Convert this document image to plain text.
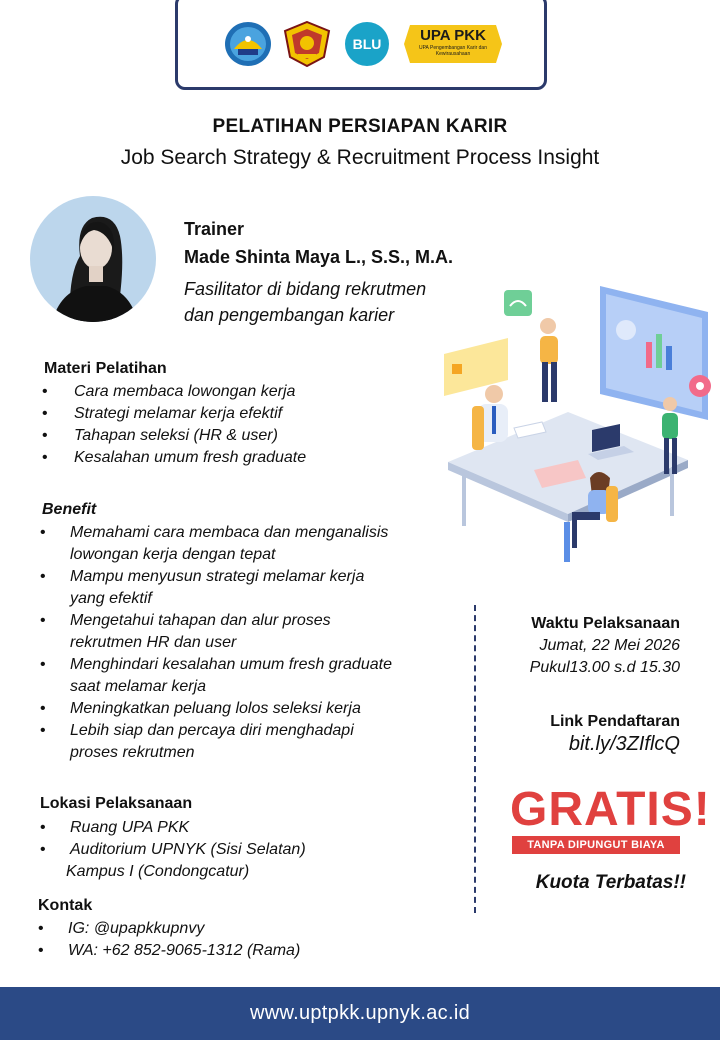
BLU	UPA PKK
UPA Pengembangan Karir dan Kewirausahaan
PELATIHAN PERSIAPAN KARIR
Job Search Strategy & Recruitment Process Insight
Trainer
Made Shinta Maya L., S.S., M.A.
Fasilitator di bidang rekrutmen
dan pengembangan karier
Materi Pelatihan
• Cara membaca lowongan kerja
• Strategi melamar kerja efektif
• Tahapan seleksi (HR & user)
• Kesalahan umum fresh graduate
Benefit
• Memahami cara membaca dan menganalisis
lowongan kerja dengan tepat
• Mampu menyusun strategi melamar kerja
yang efektif
• Mengetahui tahapan dan alur proses
rekrutmen HR dan user
• Menghindari kesalahan umum fresh graduate
saat melamar kerja
• Meningkatkan peluang lolos seleksi kerja
• Lebih siap dan percaya diri menghadapi
proses rekrutmen
Lokasi Pelaksanaan
• Ruang UPA PKK
• Auditorium UPNYK (Sisi Selatan)
Kampus I (Condongcatur)
Kontak
• IG: @upapkkupnvy
• WA: +62 852-9065-1312 (Rama)
Waktu Pelaksanaan
Jumat, 22 Mei 2026
Pukul13.00 s.d 15.30
Link Pendaftaran
bit.ly/3ZIflcQ
GRATIS!
TANPA DIPUNGUT BIAYA
Kuota Terbatas!!
www.uptpkk.upnyk.ac.id
